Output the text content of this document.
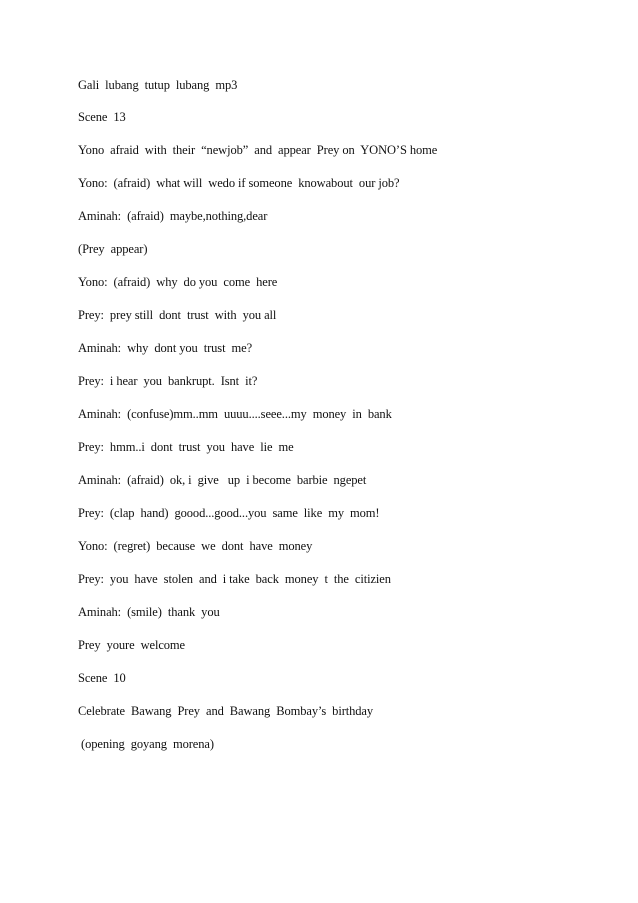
Gali  lubang  tutup  lubang  mp3
Scene  13
Yono  afraid  with  their  “newjob”  and  appear  Prey on  YONO’S home
Yono:  (afraid)  what will  wedo if someone  knowabout  our job?
Aminah:  (afraid)  maybe,nothing,dear
(Prey  appear)
Yono:  (afraid)  why  do you  come  here
Prey:  prey still  dont  trust  with  you all
Aminah:  why  dont you  trust  me?
Prey:  i hear  you  bankrupt.  Isnt  it?
Aminah:  (confuse)mm..mm  uuuu....seee...my  money  in  bank
Prey:  hmm..i  dont  trust  you  have  lie  me
Aminah:  (afraid)  ok, i  give   up  i become  barbie  ngepet
Prey:  (clap  hand)  goood...good...you  same  like  my  mom!
Yono:  (regret)  because  we  dont  have  money
Prey:  you  have  stolen  and  i take  back  money  t  the  citizien
Aminah:  (smile)  thank  you
Prey  youre  welcome
Scene  10
Celebrate  Bawang  Prey  and  Bawang  Bombay’s  birthday
(opening  goyang  morena)
